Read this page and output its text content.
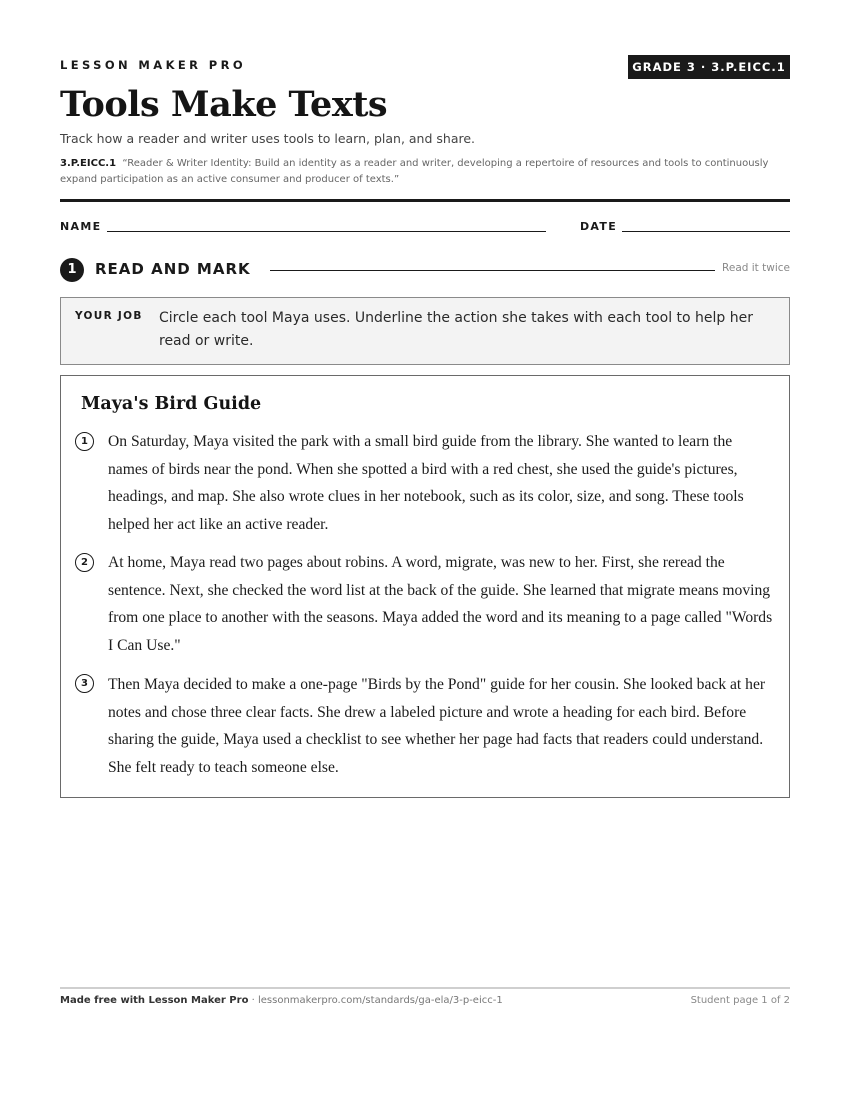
LESSON MAKER PRO	GRADE 3 · 3.P.EICC.1
Tools Make Texts
Track how a reader and writer uses tools to learn, plan, and share.
3.P.EICC.1 “Reader & Writer Identity: Build an identity as a reader and writer, developing a repertoire of resources and tools to continuously expand participation as an active consumer and producer of texts.”
NAME	DATE
1	READ AND MARK	Read it twice
YOUR JOB Circle each tool Maya uses. Underline the action she takes with each tool to help her read or write.
Maya's Bird Guide
1	On Saturday, Maya visited the park with a small bird guide from the library. She wanted to learn the names of birds near the pond. When she spotted a bird with a red chest, she used the guide's pictures, headings, and map. She also wrote clues in her notebook, such as its color, size, and song. These tools helped her act like an active reader.
2	At home, Maya read two pages about robins. A word, migrate, was new to her. First, she reread the sentence. Next, she checked the word list at the back of the guide. She learned that migrate means moving from one place to another with the seasons. Maya added the word and its meaning to a page called "Words I Can Use."
3	Then Maya decided to make a one-page "Birds by the Pond" guide for her cousin. She looked back at her notes and chose three clear facts. She drew a labeled picture and wrote a heading for each bird. Before sharing the guide, Maya used a checklist to see whether her page had facts that readers could understand. She felt ready to teach someone else.
Made free with Lesson Maker Pro · lessonmakerpro.com/standards/ga-ela/3-p-eicc-1	Student page 1 of 2
